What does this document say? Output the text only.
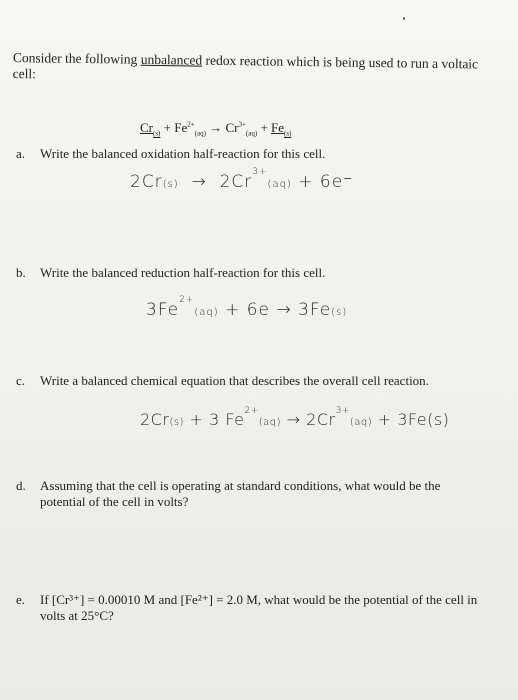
Consider the following unbalanced redox reaction which is being used to run a voltaic cell:
$Cr_{(s)} + Fe^{2+}_{(aq)} \to Cr^{3+}_{(aq)} + Fe_{(s)}$
a. Write the balanced oxidation half-reaction for this cell.
$2Cr(s) \to 2Cr^{3+}(aq) + 6e^-$
b. Write the balanced reduction half-reaction for this cell.
$3Fe^{2+}(aq) + 6e \to 3Fe(s)$
c. Write a balanced chemical equation that describes the overall cell reaction.
2Cr(s) + 3 $Fe^{2+}(aq) \to 2Cr^{3+}(aq) + 3Fe(s)$
d. Assuming that the cell is operating at standard conditions, what would be the potential of the cell in volts?
e. If [Cr³⁺] = 0.00010 M and [Fe²⁺] = 2.0 M, what would be the potential of the cell in volts at 25°C?
